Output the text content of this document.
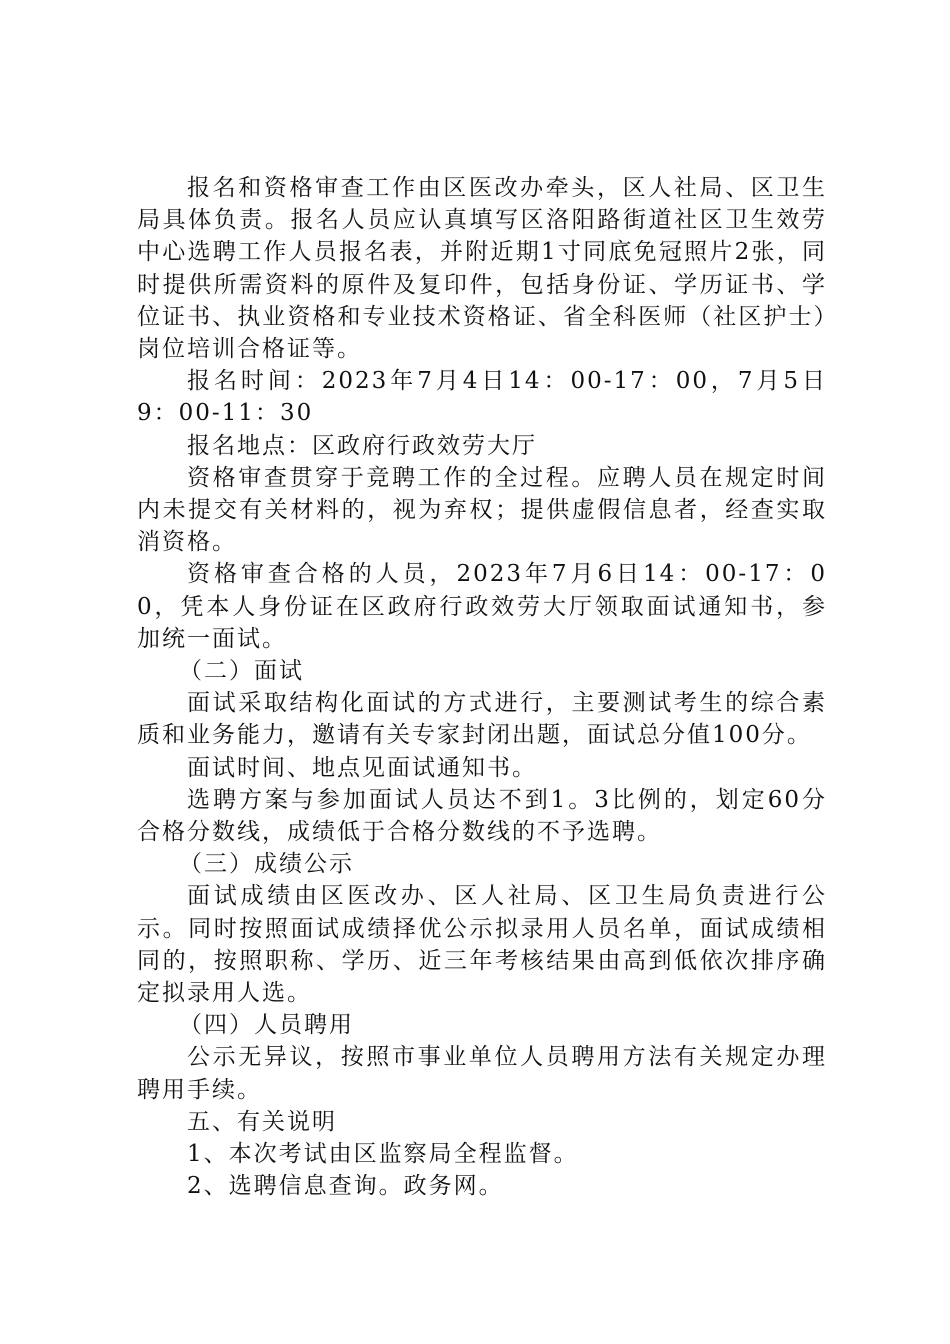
报名和资格审查工作由区医改办牵头，区人社局、区卫生局具体负责。报名人员应认真填写区洛阳路街道社区卫生效劳中心选聘工作人员报名表，并附近期1寸同底免冠照片2张，同时提供所需资料的原件及复印件，包括身份证、学历证书、学位证书、执业资格和专业技术资格证、省全科医师（社区护士）岗位培训合格证等。

报名时间：2023年7月4日14：00-17：00，7月5日9：00-11：30

报名地点：区政府行政效劳大厅

资格审查贯穿于竞聘工作的全过程。应聘人员在规定时间内未提交有关材料的，视为弃权；提供虚假信息者，经查实取消资格。

资格审查合格的人员，2023年7月6日14：00-17：00，凭本人身份证在区政府行政效劳大厅领取面试通知书，参加统一面试。

（二）面试

面试采取结构化面试的方式进行，主要测试考生的综合素质和业务能力，邀请有关专家封闭出题，面试总分值100分。

面试时间、地点见面试通知书。

选聘方案与参加面试人员达不到1。3比例的，划定60分合格分数线，成绩低于合格分数线的不予选聘。

（三）成绩公示

面试成绩由区医改办、区人社局、区卫生局负责进行公示。同时按照面试成绩择优公示拟录用人员名单，面试成绩相同的，按照职称、学历、近三年考核结果由高到低依次排序确定拟录用人选。

（四）人员聘用

公示无异议，按照市事业单位人员聘用方法有关规定办理聘用手续。

五、有关说明

1、本次考试由区监察局全程监督。

2、选聘信息查询。政务网。
